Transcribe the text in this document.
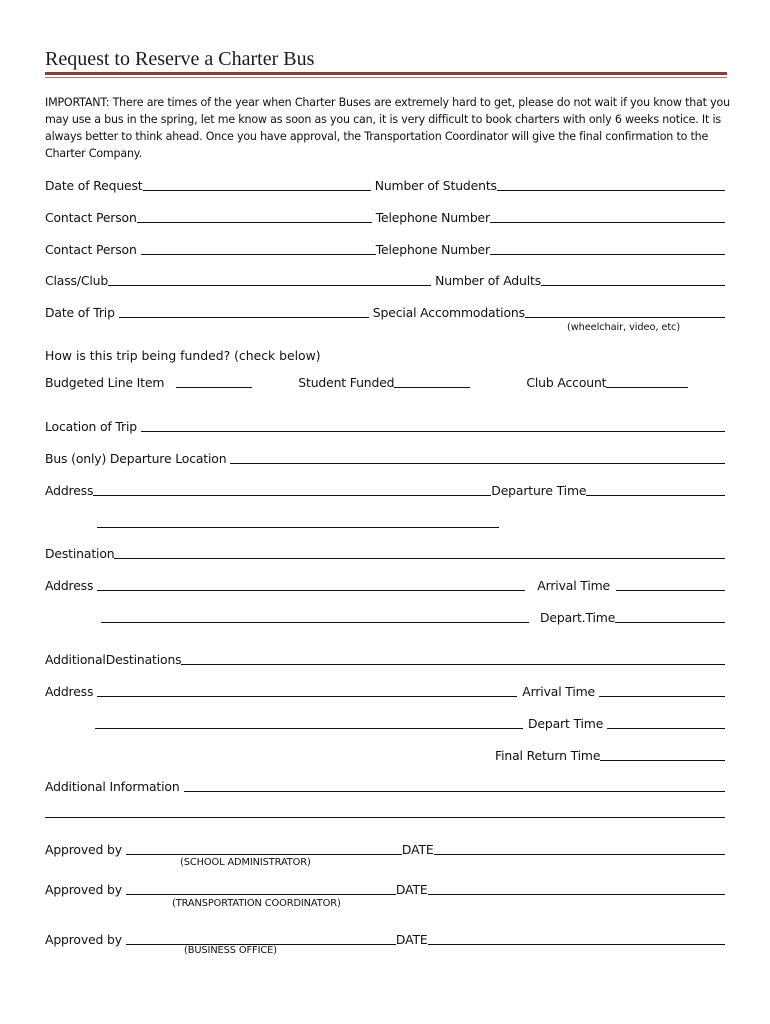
Request to Reserve a Charter Bus
IMPORTANT: There are times of the year when Charter Buses are extremely hard to get, please do not wait if you know that you may use a bus in the spring, let me know as soon as you can, it is very difficult to book charters with only 6 weeks notice. It is always better to think ahead. Once you have approval, the Transportation Coordinator will give the final confirmation to the Charter Company.
Date of Request	Number of Students
Contact Person	Telephone Number
Contact Person	Telephone Number
Class/Club	Number of Adults
Date of Trip	Special Accommodations
(wheelchair, video, etc)
How is this trip being funded? (check below)
Budgeted Line Item	Student Funded	Club Account
Location of Trip
Bus (only) Departure Location
Address	Departure Time
Destination
Address	Arrival Time
Depart.Time
AdditionalDestinations
Address	Arrival Time
Depart Time
Final Return Time
Additional Information
Approved by	DATE
(SCHOOL ADMINISTRATOR)
Approved by	DATE
(TRANSPORTATION COORDINATOR)
Approved by	DATE
(BUSINESS OFFICE)
